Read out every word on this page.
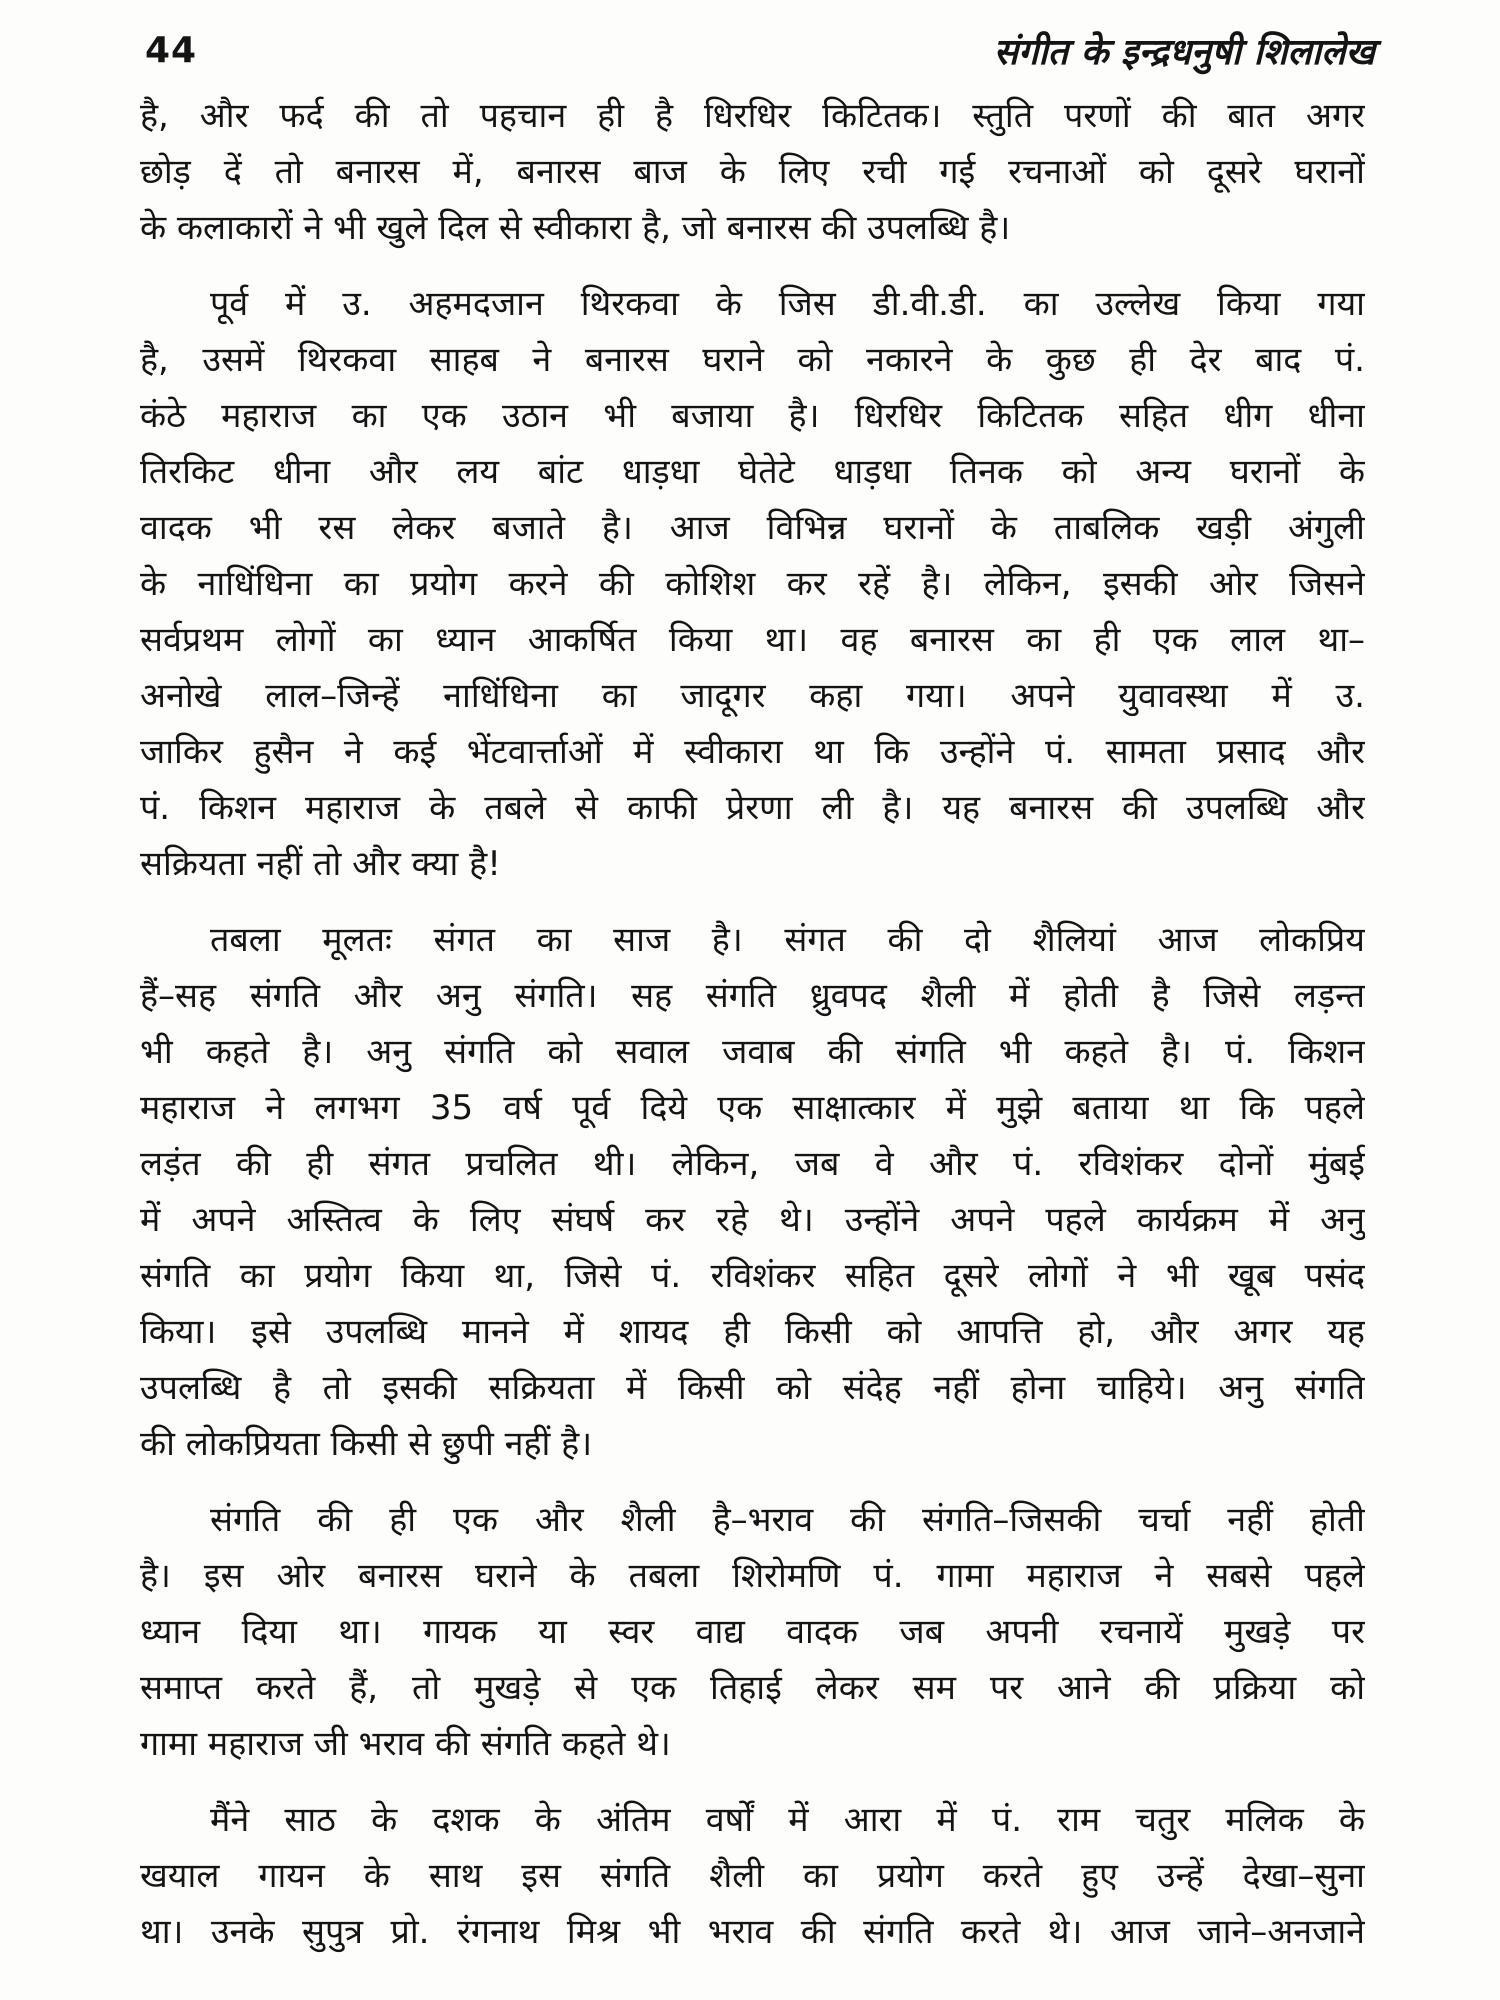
44	संगीत के इन्द्रधनुषी शिलालेख
है, और फर्द की तो पहचान ही है धिरधिर किटितक। स्तुति परणों की बात अगर
छोड़ दें तो बनारस में, बनारस बाज के लिए रची गई रचनाओं को दूसरे घरानों
के कलाकारों ने भी खुले दिल से स्वीकारा है, जो बनारस की उपलब्धि है।
पूर्व में उ. अहमदजान थिरकवा के जिस डी.वी.डी. का उल्लेख किया गया
है, उसमें थिरकवा साहब ने बनारस घराने को नकारने के कुछ ही देर बाद पं.
कंठे महाराज का एक उठान भी बजाया है। धिरधिर किटितक सहित धीग धीना
तिरकिट धीना और लय बांट धाड़धा घेतेटे धाड़धा तिनक को अन्य घरानों के
वादक भी रस लेकर बजाते है। आज विभिन्न घरानों के ताबलिक खड़ी अंगुली
के नाधिंधिना का प्रयोग करने की कोशिश कर रहें है। लेकिन, इसकी ओर जिसने
सर्वप्रथम लोगों का ध्यान आकर्षित किया था। वह बनारस का ही एक लाल था–
अनोखे लाल–जिन्हें नाधिंधिना का जादूगर कहा गया। अपने युवावस्था में उ.
जाकिर हुसैन ने कई भेंटवार्त्ताओं में स्वीकारा था कि उन्होंने पं. सामता प्रसाद और
पं. किशन महाराज के तबले से काफी प्रेरणा ली है। यह बनारस की उपलब्धि और
सक्रियता नहीं तो और क्या है!
तबला मूलतः संगत का साज है। संगत की दो शैलियां आज लोकप्रिय
हैं–सह संगति और अनु संगति। सह संगति ध्रुवपद शैली में होती है जिसे लड़न्त
भी कहते है। अनु संगति को सवाल जवाब की संगति भी कहते है। पं. किशन
महाराज ने लगभग 35 वर्ष पूर्व दिये एक साक्षात्कार में मुझे बताया था कि पहले
लड़ंत की ही संगत प्रचलित थी। लेकिन, जब वे और पं. रविशंकर दोनों मुंबई
में अपने अस्तित्व के लिए संघर्ष कर रहे थे। उन्होंने अपने पहले कार्यक्रम में अनु
संगति का प्रयोग किया था, जिसे पं. रविशंकर सहित दूसरे लोगों ने भी खूब पसंद
किया। इसे उपलब्धि मानने में शायद ही किसी को आपत्ति हो, और अगर यह
उपलब्धि है तो इसकी सक्रियता में किसी को संदेह नहीं होना चाहिये। अनु संगति
की लोकप्रियता किसी से छुपी नहीं है।
संगति की ही एक और शैली है–भराव की संगति–जिसकी चर्चा नहीं होती
है। इस ओर बनारस घराने के तबला शिरोमणि पं. गामा महाराज ने सबसे पहले
ध्यान दिया था। गायक या स्वर वाद्य वादक जब अपनी रचनायें मुखड़े पर
समाप्त करते हैं, तो मुखड़े से एक तिहाई लेकर सम पर आने की प्रक्रिया को
गामा महाराज जी भराव की संगति कहते थे।
मैंने साठ के दशक के अंतिम वर्षों में आरा में पं. राम चतुर मलिक के
खयाल गायन के साथ इस संगति शैली का प्रयोग करते हुए उन्हें देखा–सुना
था। उनके सुपुत्र प्रो. रंगनाथ मिश्र भी भराव की संगति करते थे। आज जाने–अनजाने
